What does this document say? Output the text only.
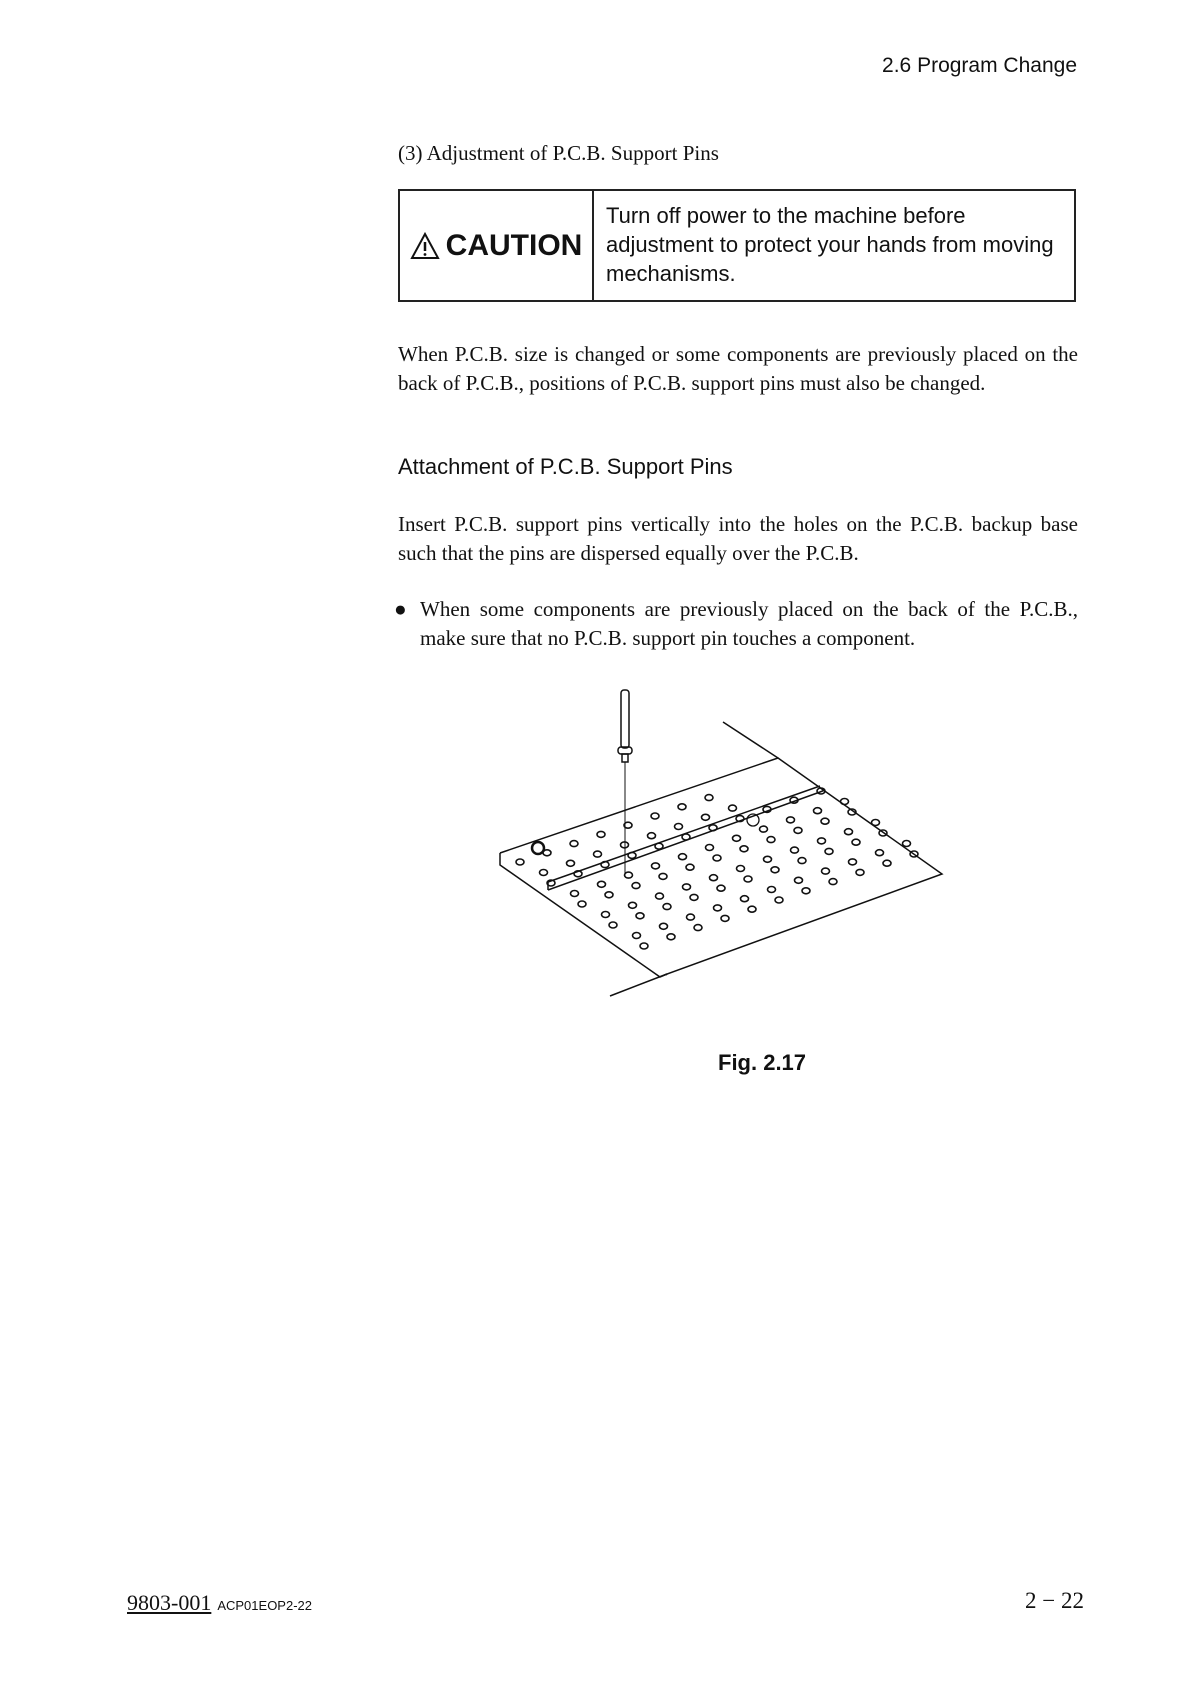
2.6 Program Change
(3) Adjustment of P.C.B. Support Pins
CAUTION
Turn off power to the machine before adjustment to protect your hands from moving mechanisms.
When P.C.B. size is changed or some components are previously placed on the back of P.C.B., positions of P.C.B. support pins must also be changed.
Attachment of P.C.B. Support Pins
Insert P.C.B. support pins vertically into the holes on the P.C.B. backup base such that the pins are dispersed equally over the P.C.B.
● When some components are previously placed on the back of the P.C.B., make sure that no P.C.B. support pin touches a component.
Fig. 2.17
9803-001 ACP01EOP2-22	2 − 22
